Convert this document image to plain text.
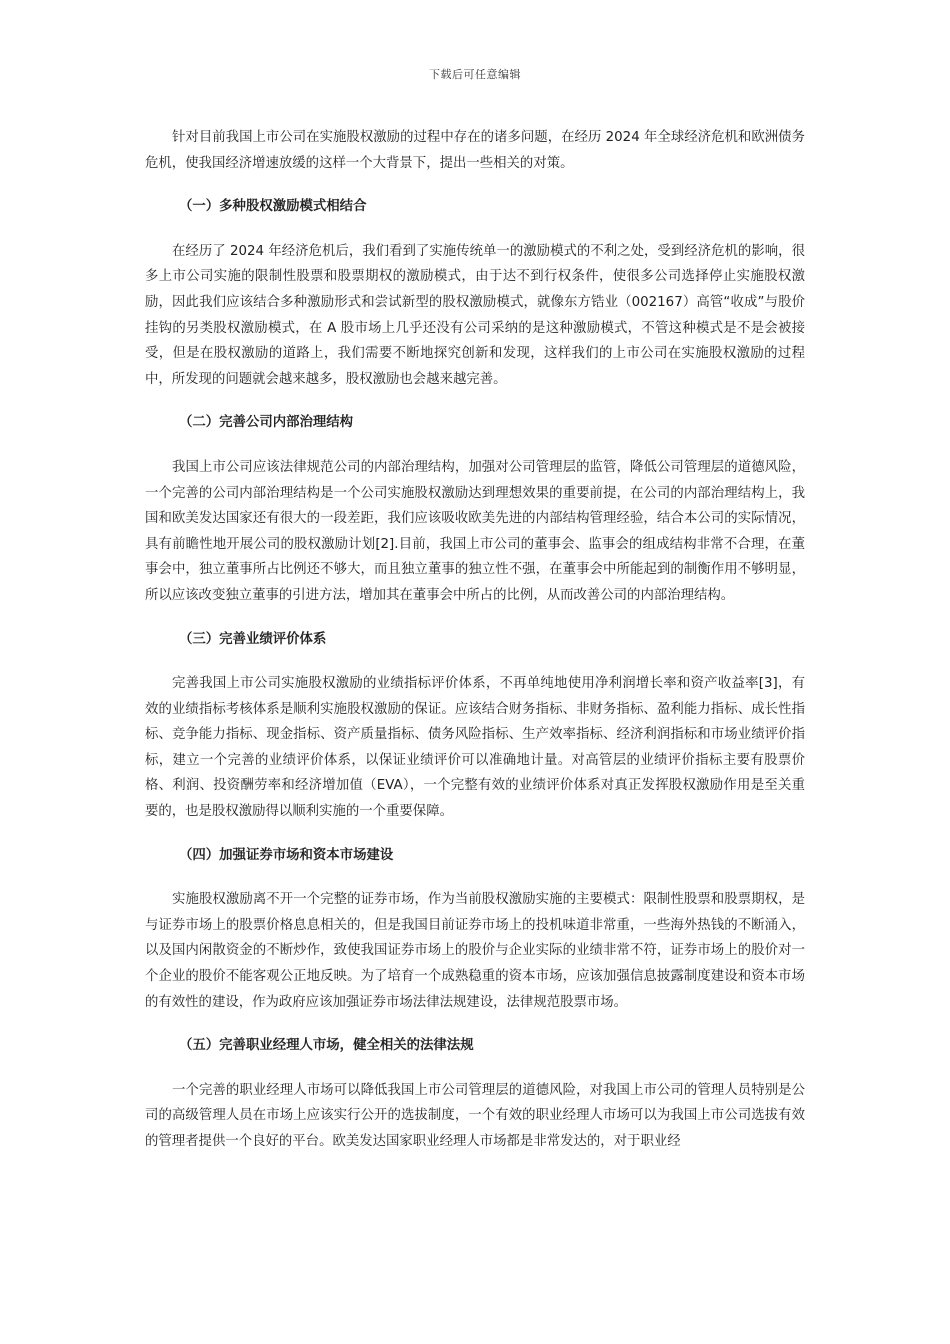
下载后可任意编辑

针对目前我国上市公司在实施股权激励的过程中存在的诸多问题，在经历 2024 年全球经济危机和欧洲债务危机，使我国经济增速放缓的这样一个大背景下，提出一些相关的对策。

（一）多种股权激励模式相结合

在经历了 2024 年经济危机后，我们看到了实施传统单一的激励模式的不利之处，受到经济危机的影响，很多上市公司实施的限制性股票和股票期权的激励模式，由于达不到行权条件，使很多公司选择停止实施股权激励，因此我们应该结合多种激励形式和尝试新型的股权激励模式，就像东方锆业（002167）高管“收成”与股价挂钩的另类股权激励模式，在 A 股市场上几乎还没有公司采纳的是这种激励模式，不管这种模式是不是会被接受，但是在股权激励的道路上，我们需要不断地探究创新和发现，这样我们的上市公司在实施股权激励的过程中，所发现的问题就会越来越多，股权激励也会越来越完善。

（二）完善公司内部治理结构

我国上市公司应该法律规范公司的内部治理结构，加强对公司管理层的监管，降低公司管理层的道德风险，一个完善的公司内部治理结构是一个公司实施股权激励达到理想效果的重要前提，在公司的内部治理结构上，我国和欧美发达国家还有很大的一段差距，我们应该吸收欧美先进的内部结构管理经验，结合本公司的实际情况，具有前瞻性地开展公司的股权激励计划[2].目前，我国上市公司的董事会、监事会的组成结构非常不合理，在董事会中，独立董事所占比例还不够大，而且独立董事的独立性不强，在董事会中所能起到的制衡作用不够明显，所以应该改变独立董事的引进方法，增加其在董事会中所占的比例，从而改善公司的内部治理结构。

（三）完善业绩评价体系

完善我国上市公司实施股权激励的业绩指标评价体系，不再单纯地使用净利润增长率和资产收益率[3]，有效的业绩指标考核体系是顺利实施股权激励的保证。应该结合财务指标、非财务指标、盈利能力指标、成长性指标、竞争能力指标、现金指标、资产质量指标、债务风险指标、生产效率指标、经济利润指标和市场业绩评价指标，建立一个完善的业绩评价体系，以保证业绩评价可以准确地计量。对高管层的业绩评价指标主要有股票价格、利润、投资酬劳率和经济增加值（EVA），一个完整有效的业绩评价体系对真正发挥股权激励作用是至关重要的，也是股权激励得以顺利实施的一个重要保障。

（四）加强证券市场和资本市场建设

实施股权激励离不开一个完整的证券市场，作为当前股权激励实施的主要模式：限制性股票和股票期权，是与证券市场上的股票价格息息相关的，但是我国目前证券市场上的投机味道非常重，一些海外热钱的不断涌入，以及国内闲散资金的不断炒作，致使我国证券市场上的股价与企业实际的业绩非常不符，证券市场上的股价对一个企业的股价不能客观公正地反映。为了培育一个成熟稳重的资本市场，应该加强信息披露制度建设和资本市场的有效性的建设，作为政府应该加强证券市场法律法规建设，法律规范股票市场。

（五）完善职业经理人市场，健全相关的法律法规

一个完善的职业经理人市场可以降低我国上市公司管理层的道德风险，对我国上市公司的管理人员特别是公司的高级管理人员在市场上应该实行公开的选拔制度，一个有效的职业经理人市场可以为我国上市公司选拔有效的管理者提供一个良好的平台。欧美发达国家职业经理人市场都是非常发达的，对于职业经
